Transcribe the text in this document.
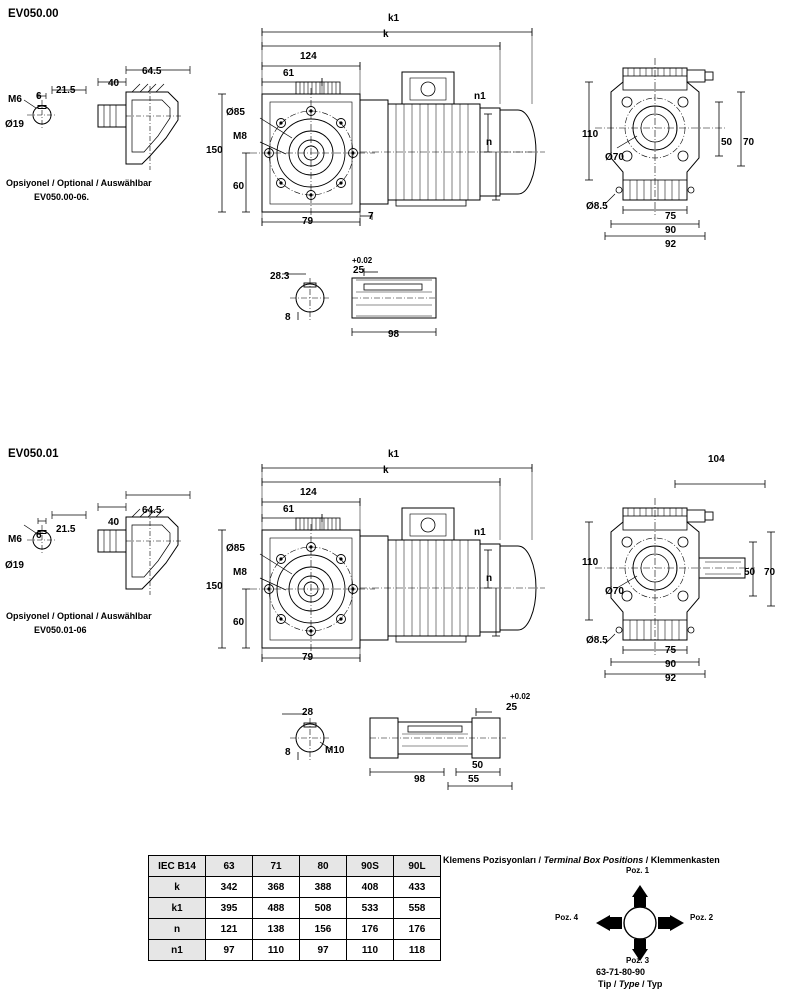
EV050.00
M6 6
Ø19
21.5
40
64.5
Opsiyonel / Optional / Auswählbar
EV050.00-06.
k1
k
124
61
Ø85
M8
150
60
79	7
n1
n
110
Ø70
50 70
Ø8.5
75
90
92
28.3
8
+0.02
25
98
EV050.01
M6 6
Ø19
21.5
40
64.5
Opsiyonel / Optional / Auswählbar
EV050.01-06
k1
k
124
61
Ø85
M8
150
60
79
n1
n
104
110
Ø70
50 70
Ø8.5
75
90
92
28
8	M10
+0.02
25
98
50
55
IEC B14	63	71	80	90S	90L
k	342	368	388	408	433
k1	395	488	508	533	558
n	121	138	156	176	176
n1	97	110	97	110	118
Klemens Pozisyonları / Terminal Box Positions / Klemmenkasten
Poz. 1
Poz. 2
Poz. 3
Poz. 4
63-71-80-90
Tip / Type / Typ
